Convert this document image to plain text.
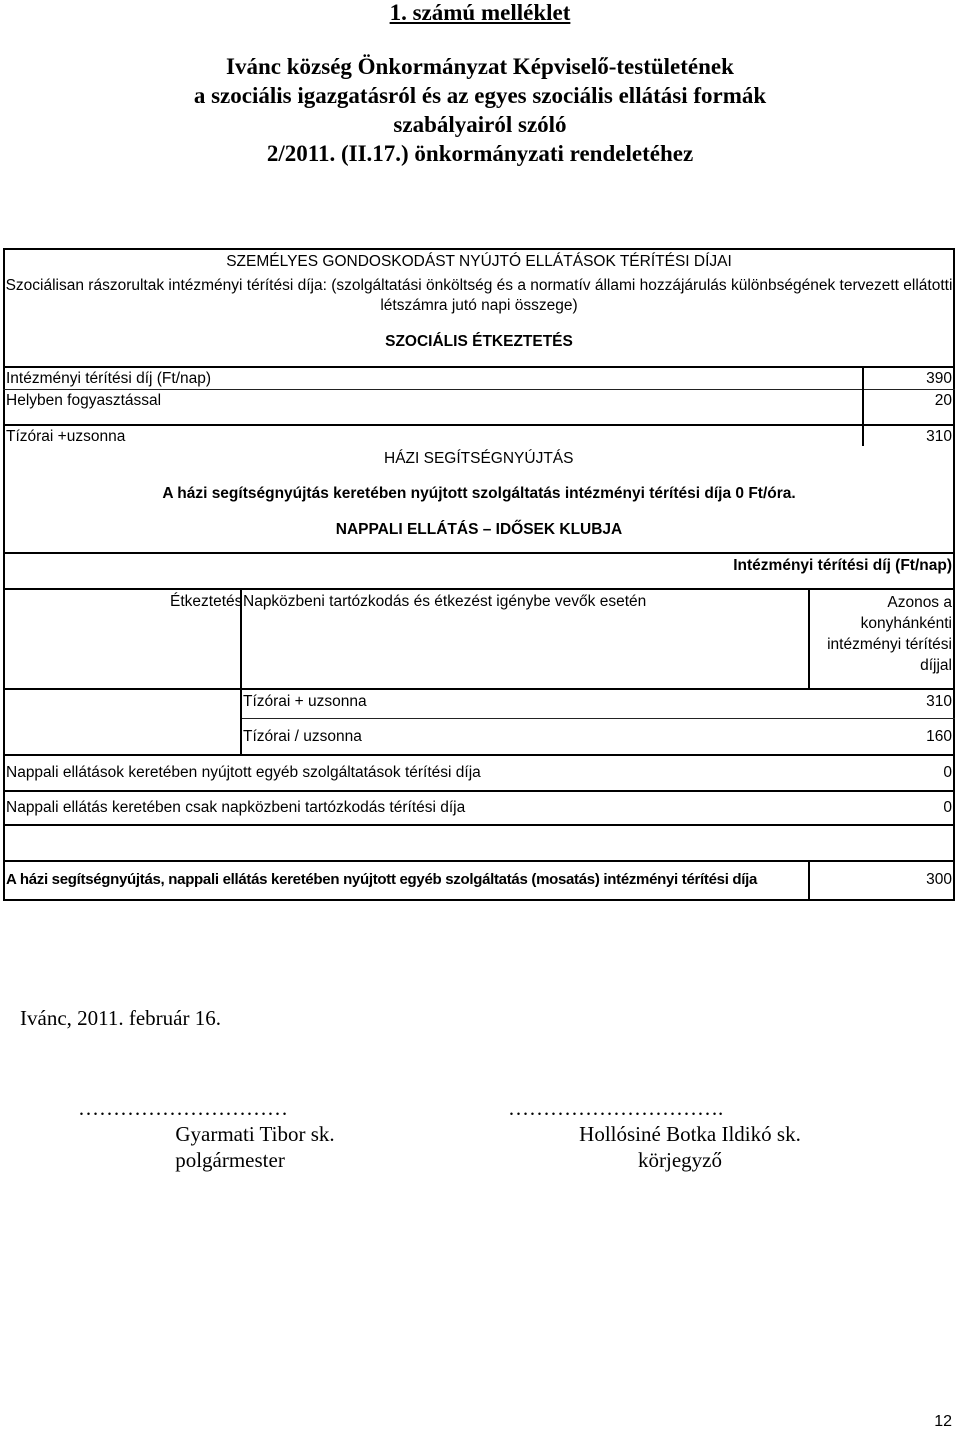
1. számú melléklet
Ivánc község Önkormányzat Képviselő-testületének
a szociális igazgatásról és az egyes szociális ellátási formák
szabályairól szóló
2/2011. (II.17.) önkormányzati rendeletéhez
SZEMÉLYES GONDOSKODÁST NYÚJTÓ ELLÁTÁSOK TÉRÍTÉSI DÍJAI
Szociálisan rászorultak intézményi térítési díja: (szolgáltatási önköltség és a normatív állami hozzájárulás különbségének tervezett ellátotti
létszámra jutó napi összege)
SZOCIÁLIS ÉTKEZTETÉS
Intézményi térítési díj (Ft/nap)	390
Helyben fogyasztással	20
Tízórai +uzsonna	310
HÁZI SEGÍTSÉGNYÚJTÁS
A házi segítségnyújtás keretében nyújtott szolgáltatás intézményi térítési díja 0 Ft/óra.
NAPPALI ELLÁTÁS – IDŐSEK KLUBJA
Intézményi térítési díj (Ft/nap)
Étkeztetés Napközbeni tartózkodás és étkezést igénybe vevők esetén	Azonos a
konyhánkénti
intézményi térítési
díjjal
Tízórai + uzsonna	310
Tízórai / uzsonna	160
Nappali ellátások keretében nyújtott egyéb szolgáltatások térítési díja	0
Nappali ellátás keretében csak napközbeni tartózkodás térítési díja	0
A házi segítségnyújtás, nappali ellátás keretében nyújtott egyéb szolgáltatás (mosatás) intézményi térítési díja	300
Ivánc, 2011. február 16.
…………………………
Gyarmati Tibor sk.
polgármester
………………………….
Hollósiné Botka Ildikó sk.
körjegyző
12
